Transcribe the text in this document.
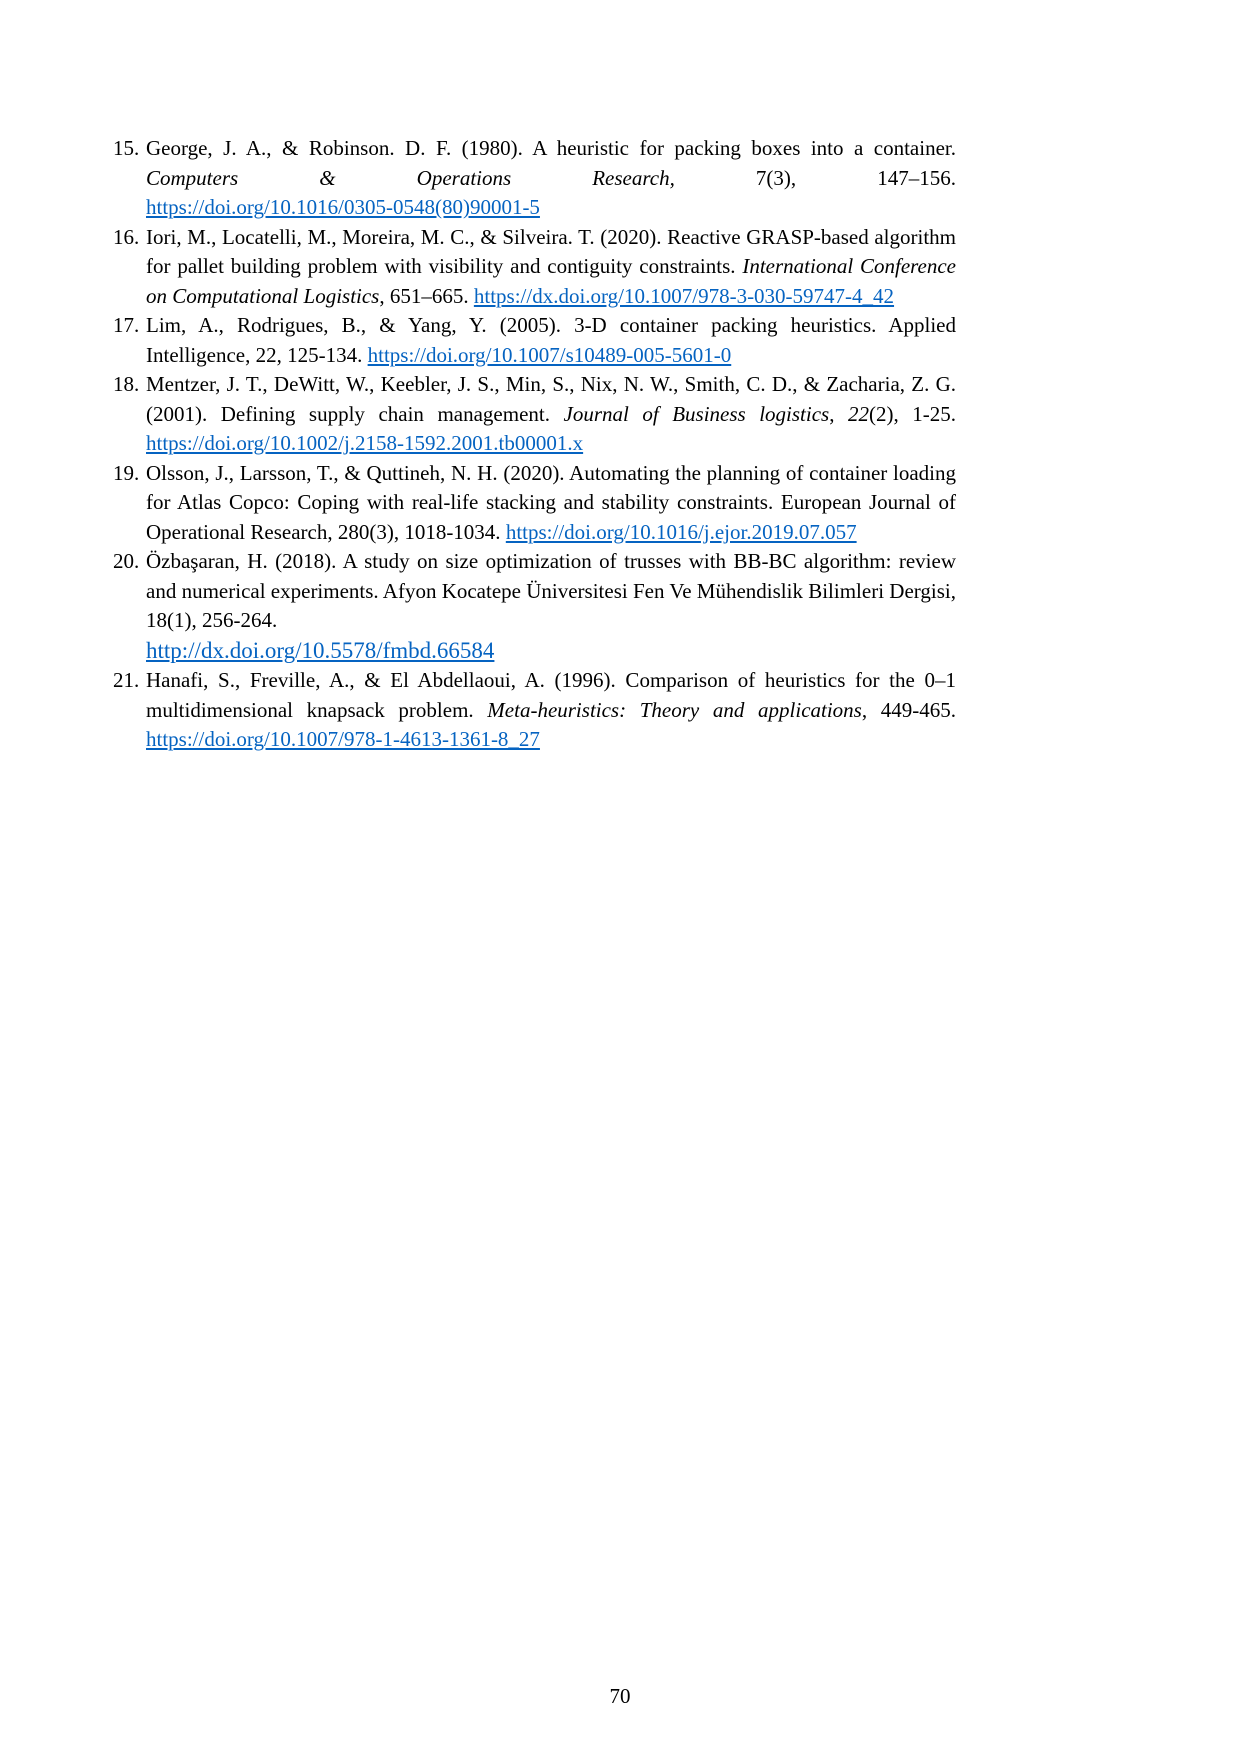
15. George, J. A., & Robinson. D. F. (1980). A heuristic for packing boxes into a container. Computers & Operations Research, 7(3), 147–156. https://doi.org/10.1016/0305-0548(80)90001-5
16. Iori, M., Locatelli, M., Moreira, M. C., & Silveira. T. (2020). Reactive GRASP-based algorithm for pallet building problem with visibility and contiguity constraints. International Conference on Computational Logistics, 651–665. https://dx.doi.org/10.1007/978-3-030-59747-4_42
17. Lim, A., Rodrigues, B., & Yang, Y. (2005). 3-D container packing heuristics. Applied Intelligence, 22, 125-134. https://doi.org/10.1007/s10489-005-5601-0
18. Mentzer, J. T., DeWitt, W., Keebler, J. S., Min, S., Nix, N. W., Smith, C. D., & Zacharia, Z. G. (2001). Defining supply chain management. Journal of Business logistics, 22(2), 1-25. https://doi.org/10.1002/j.2158-1592.2001.tb00001.x
19. Olsson, J., Larsson, T., & Quttineh, N. H. (2020). Automating the planning of container loading for Atlas Copco: Coping with real-life stacking and stability constraints. European Journal of Operational Research, 280(3), 1018-1034. https://doi.org/10.1016/j.ejor.2019.07.057
20. Özbaşaran, H. (2018). A study on size optimization of trusses with BB-BC algorithm: review and numerical experiments. Afyon Kocatepe Üniversitesi Fen Ve Mühendislik Bilimleri Dergisi, 18(1), 256-264.
http://dx.doi.org/10.5578/fmbd.66584
21. Hanafi, S., Freville, A., & El Abdellaoui, A. (1996). Comparison of heuristics for the 0–1 multidimensional knapsack problem. Meta-heuristics: Theory and applications, 449-465. https://doi.org/10.1007/978-1-4613-1361-8_27
70
